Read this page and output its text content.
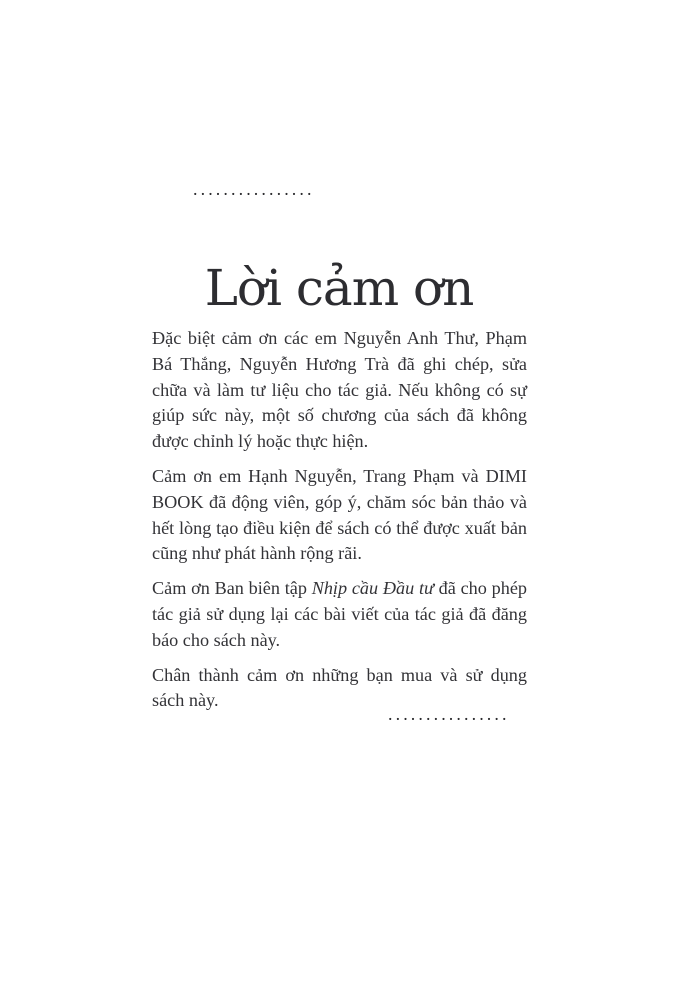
................
Lời cảm ơn

Đặc biệt cảm ơn các em Nguyễn Anh Thư, Phạm Bá Thắng, Nguyễn Hương Trà đã ghi chép, sửa chữa và làm tư liệu cho tác giả. Nếu không có sự giúp sức này, một số chương của sách đã không được chỉnh lý hoặc thực hiện.

Cảm ơn em Hạnh Nguyễn, Trang Phạm và DIMI BOOK đã động viên, góp ý, chăm sóc bản thảo và hết lòng tạo điều kiện để sách có thể được xuất bản cũng như phát hành rộng rãi.

Cảm ơn Ban biên tập Nhịp cầu Đầu tư đã cho phép tác giả sử dụng lại các bài viết của tác giả đã đăng báo cho sách này.

Chân thành cảm ơn những bạn mua và sử dụng sách này.

................
